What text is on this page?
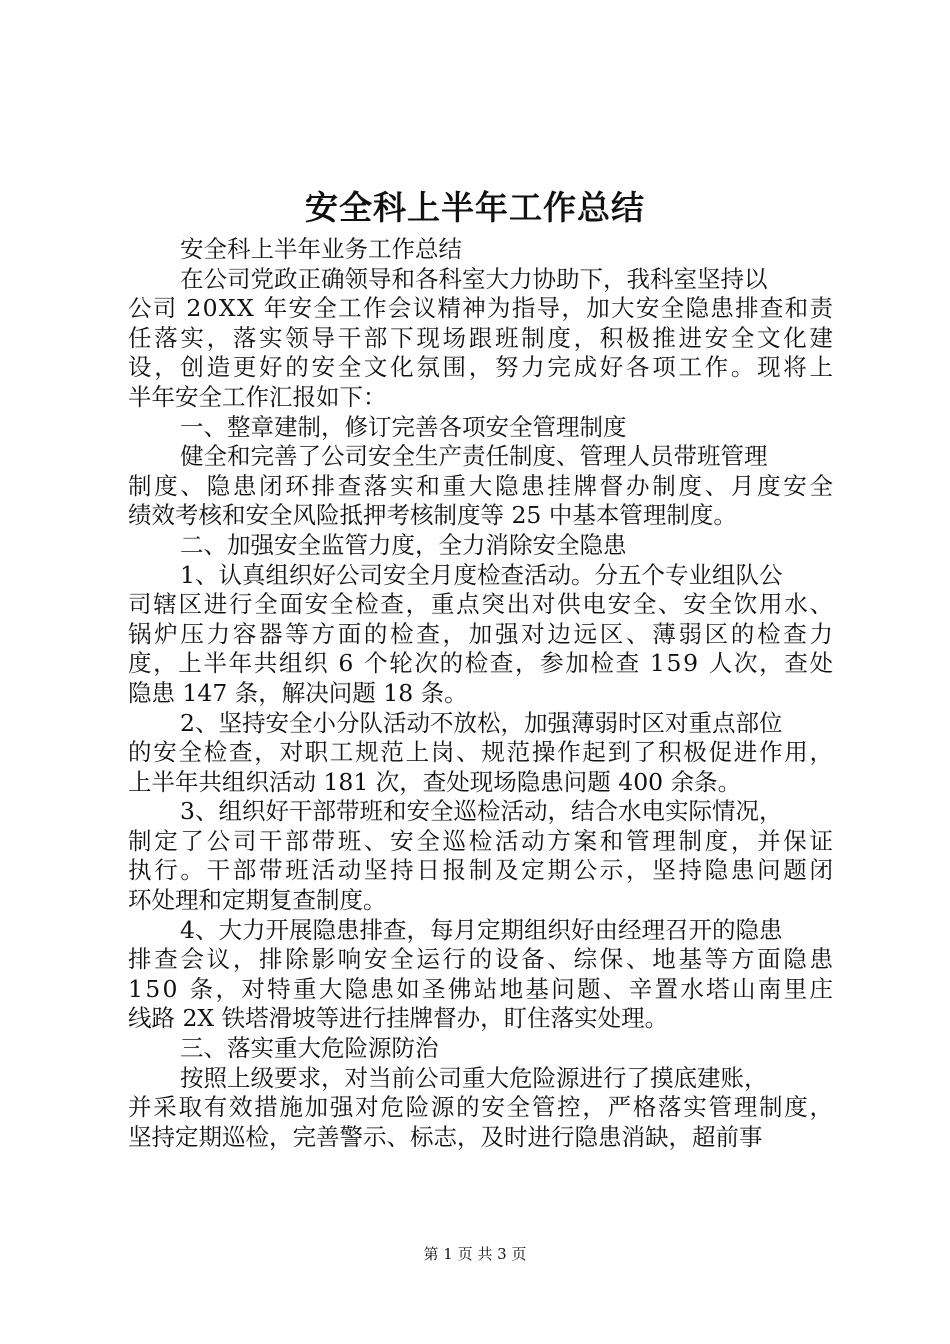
安全科上半年工作总结
安全科上半年业务工作总结
在公司党政正确领导和各科室大力协助下，我科室坚持以
公司 20XX 年安全工作会议精神为指导，加大安全隐患排查和责
任落实，落实领导干部下现场跟班制度，积极推进安全文化建
设，创造更好的安全文化氛围，努力完成好各项工作。现将上
半年安全工作汇报如下：
一、整章建制，修订完善各项安全管理制度
健全和完善了公司安全生产责任制度、管理人员带班管理
制度、隐患闭环排查落实和重大隐患挂牌督办制度、月度安全
绩效考核和安全风险抵押考核制度等 25 中基本管理制度。
二、加强安全监管力度，全力消除安全隐患
1、认真组织好公司安全月度检查活动。分五个专业组队公
司辖区进行全面安全检查，重点突出对供电安全、安全饮用水、
锅炉压力容器等方面的检查，加强对边远区、薄弱区的检查力
度，上半年共组织 6 个轮次的检查，参加检查 159 人次，查处
隐患 147 条，解决问题 18 条。
2、坚持安全小分队活动不放松，加强薄弱时区对重点部位
的安全检查，对职工规范上岗、规范操作起到了积极促进作用，
上半年共组织活动 181 次，查处现场隐患问题 400 余条。
3、组织好干部带班和安全巡检活动，结合水电实际情况，
制定了公司干部带班、安全巡检活动方案和管理制度，并保证
执行。干部带班活动坚持日报制及定期公示，坚持隐患问题闭
环处理和定期复查制度。
4、大力开展隐患排查，每月定期组织好由经理召开的隐患
排查会议，排除影响安全运行的设备、综保、地基等方面隐患
150 条，对特重大隐患如圣佛站地基问题、辛置水塔山南里庄
线路 2X 铁塔滑坡等进行挂牌督办，盯住落实处理。
三、落实重大危险源防治
按照上级要求，对当前公司重大危险源进行了摸底建账，
并采取有效措施加强对危险源的安全管控，严格落实管理制度，
坚持定期巡检，完善警示、标志，及时进行隐患消缺，超前事
第 1 页 共 3 页
